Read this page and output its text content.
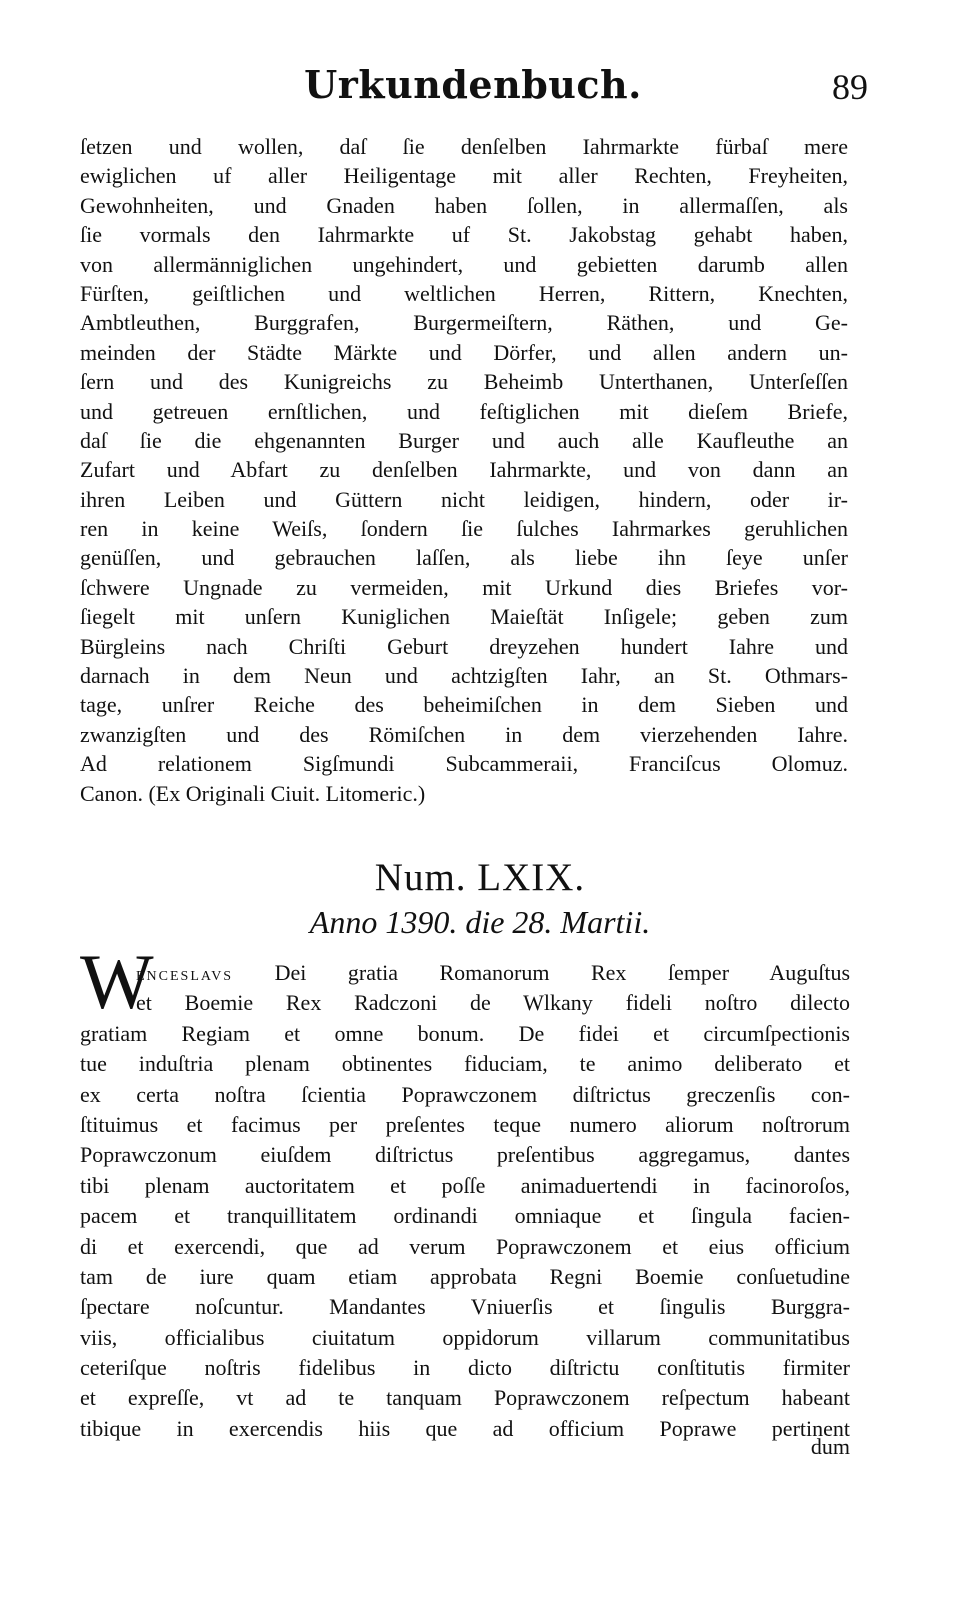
Urkundenbuch.	89
ſetzen und wollen, daſ ſie denſelben Iahrmarkte fürbaſ mere
ewiglichen uf aller Heiligentage mit aller Rechten, Freyheiten,
Gewohnheiten, und Gnaden haben ſollen, in allermaſſen, als
ſie vormals den Iahrmarkte uf St. Jakobstag gehabt haben,
von allermänniglichen ungehindert, und gebietten darumb allen
Fürſten, geiſtlichen und weltlichen Herren, Rittern, Knechten,
Ambtleuthen, Burggrafen, Burgermeiſtern, Räthen, und Ge-
meinden der Städte Märkte und Dörfer, und allen andern un-
ſern und des Kunigreichs zu Beheimb Unterthanen, Unterſeſſen
und getreuen ernſtlichen, und feſtiglichen mit dieſem Briefe,
daſ ſie die ehgenannten Burger und auch alle Kaufleuthe an
Zufart und Abfart zu denſelben Iahrmarkte, und von dann an
ihren Leiben und Güttern nicht leidigen, hindern, oder ir-
ren in keine Weiſs, ſondern ſie ſulches Iahrmarkes geruhlichen
genüſſen, und gebrauchen laſſen, als liebe ihn ſeye unſer
ſchwere Ungnade zu vermeiden, mit Urkund dies Briefes vor-
ſiegelt mit unſern Kuniglichen Maieſtät Inſigele; geben zum
Bürgleins nach Chriſti Geburt dreyzehen hundert Iahre und
darnach in dem Neun und achtzigſten Iahr, an St. Othmars-
tage, unſrer Reiche des beheimiſchen in dem Sieben und
zwanzigſten und des Römiſchen in dem vierzehenden Iahre.
Ad relationem Sigſmundi Subcammeraii, Franciſcus Olomuz.
Canon. (Ex Originali Ciuit. Litomeric.)
Num. LXIX.
Anno 1390. die 28. Martii.
W
ENCESLAVS Dei gratia Romanorum Rex ſemper Auguſtus
et Boemie Rex Radczoni de Wlkany fideli noſtro dilecto
gratiam Regiam et omne bonum. De fidei et circumſpectionis
tue induſtria plenam obtinentes fiduciam, te animo deliberato et
ex certa noſtra ſcientia Poprawczonem diſtrictus greczenſis con-
ſtituimus et facimus per preſentes teque numero aliorum noſtrorum
Poprawczonum eiuſdem diſtrictus preſentibus aggregamus, dantes
tibi plenam auctoritatem et poſſe animaduertendi in facinoroſos,
pacem et tranquillitatem ordinandi omniaque et ſingula facien-
di et exercendi, que ad verum Poprawczonem et eius officium
tam de iure quam etiam approbata Regni Boemie conſuetudine
ſpectare noſcuntur. Mandantes Vniuerſis et ſingulis Burggra-
viis, officialibus ciuitatum oppidorum villarum communitatibus
ceteriſque noſtris fidelibus in dicto diſtrictu conſtitutis firmiter
et expreſſe, vt ad te tanquam Poprawczonem reſpectum habeant
tibique in exercendis hiis que ad officium Poprawe pertinent
dum
